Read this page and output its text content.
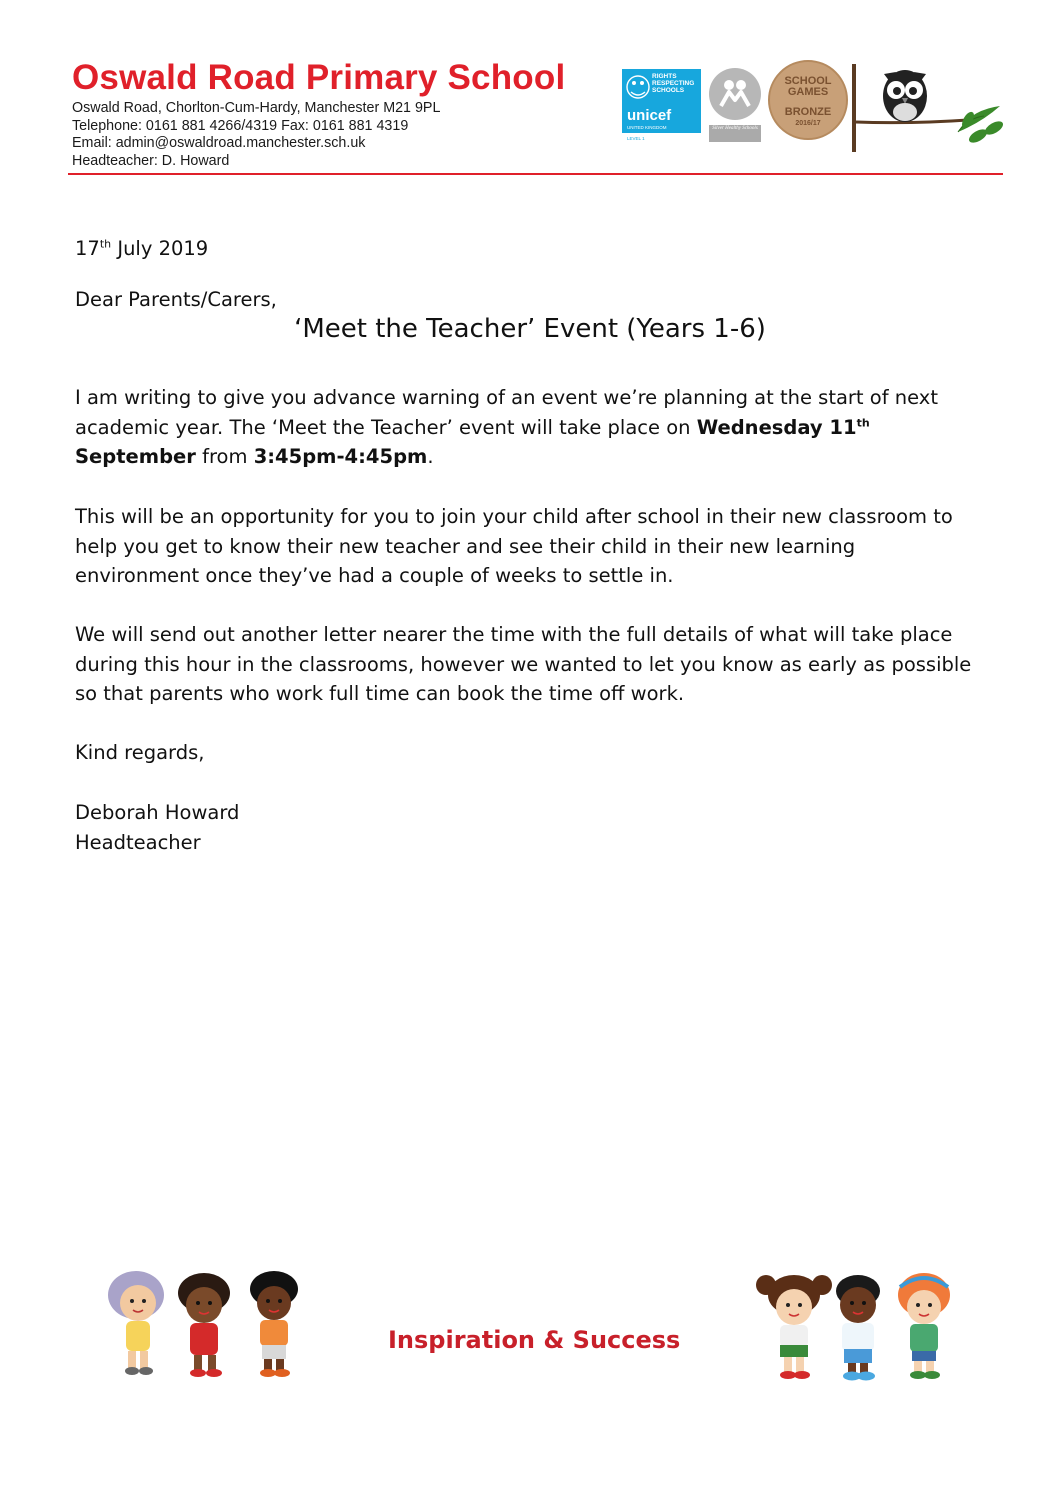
Oswald Road Primary School
Oswald Road, Chorlton-Cum-Hardy, Manchester M21 9PL
Telephone: 0161 881 4266/4319 Fax: 0161 881 4319
Email: admin@oswaldroad.manchester.sch.uk
Headteacher: D. Howard
RIGHTS RESPECTING SCHOOLS
unicef
UNITED KINGDOM
LEVEL 1
Silver Healthy Schools
SCHOOL GAMES
BRONZE
2016/17

17th July 2019

Dear Parents/Carers,

‘Meet the Teacher’ Event (Years 1-6)

I am writing to give you advance warning of an event we’re planning at the start of next academic year. The ‘Meet the Teacher’ event will take place on Wednesday 11th September from 3:45pm-4:45pm.

This will be an opportunity for you to join your child after school in their new classroom to help you get to know their new teacher and see their child in their new learning environment once they’ve had a couple of weeks to settle in.

We will send out another letter nearer the time with the full details of what will take place during this hour in the classrooms, however we wanted to let you know as early as possible so that parents who work full time can book the time off work.

Kind regards,

Deborah Howard
Headteacher

Inspiration & Success
